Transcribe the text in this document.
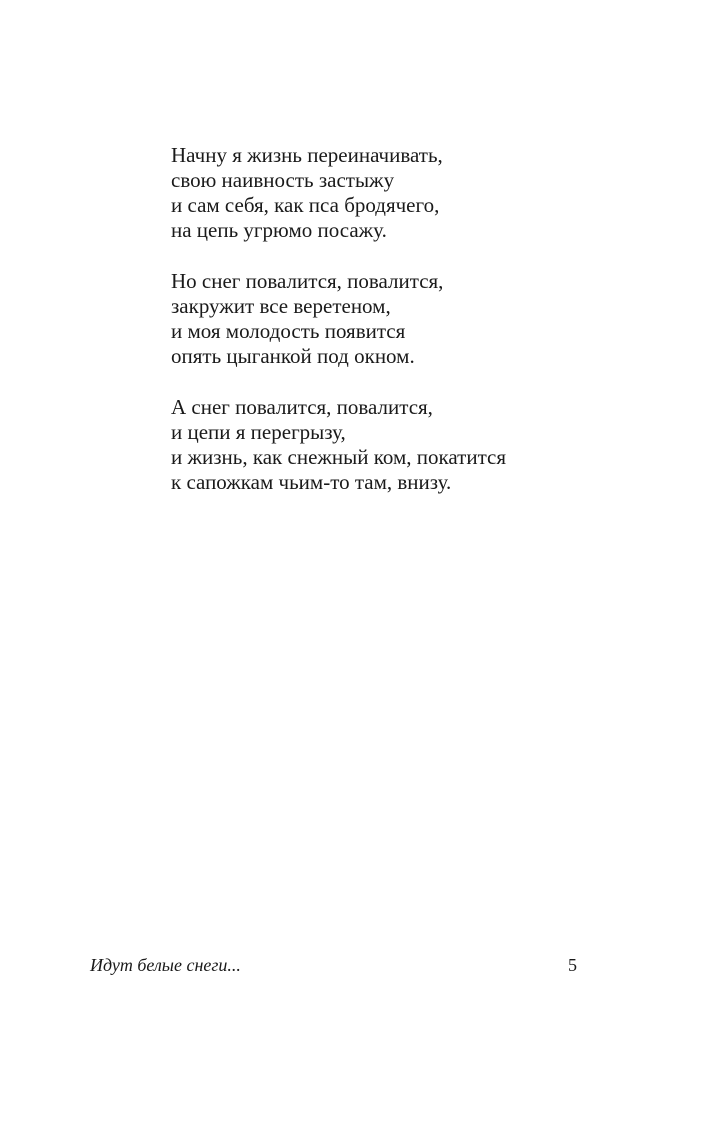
Начну я жизнь переиначивать,
свою наивность застыжу
и сам себя, как пса бродячего,
на цепь угрюмо посажу.
Но снег повалится, повалится,
закружит все веретеном,
и моя молодость появится
опять цыганкой под окном.
А снег повалится, повалится,
и цепи я перегрызу,
и жизнь, как снежный ком, покатится
к сапожкам чьим-то там, внизу.
Идут белые снеги...	5
